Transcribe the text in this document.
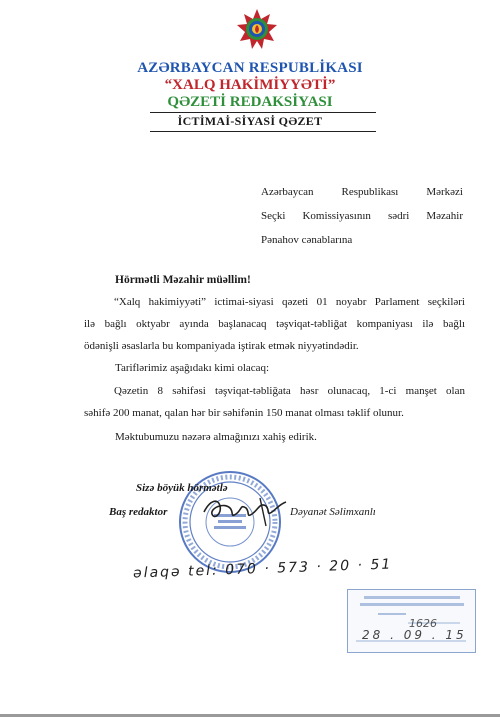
AZƏRBAYCAN RESPUBLİKASI
“XALQ HAKİMİYYƏTİ”
QƏZETİ REDAKSİYASI
İCTİMAİ-SİYASİ QƏZET
Azərbaycan	Respublikası	Mərkəzi
Seçki Komissiyasının sədri Məzahir
Pənahov cənablarına
Hörmətli Məzahir müəllim!
“Xalq hakimiyyəti” ictimai-siyasi qəzeti 01 noyabr Parlament seçkiləri
ilə bağlı oktyabr ayında başlanacaq təşviqat-təbliğat kompaniyası ilə bağlı
ödənişli əsaslarla bu kompaniyada iştirak etmək niyyətindədir.
Tariflərimiz aşağıdakı kimi olacaq:
Qəzetin 8 səhifəsi təşviqat-təbliğata həsr olunacaq, 1-ci manşet olan
səhifə 200 manat, qalan hər bir səhifənin 150 manat olması təklif olunur.
Məktubumuzu nəzərə almağınızı xahiş edirik.
Sizə böyük hörmətlə
Baş redaktor	Dəyanət Səlimxanlı
əlaqə tel: 070 · 573 · 20 · 51
1626
28 . 09 . 15
